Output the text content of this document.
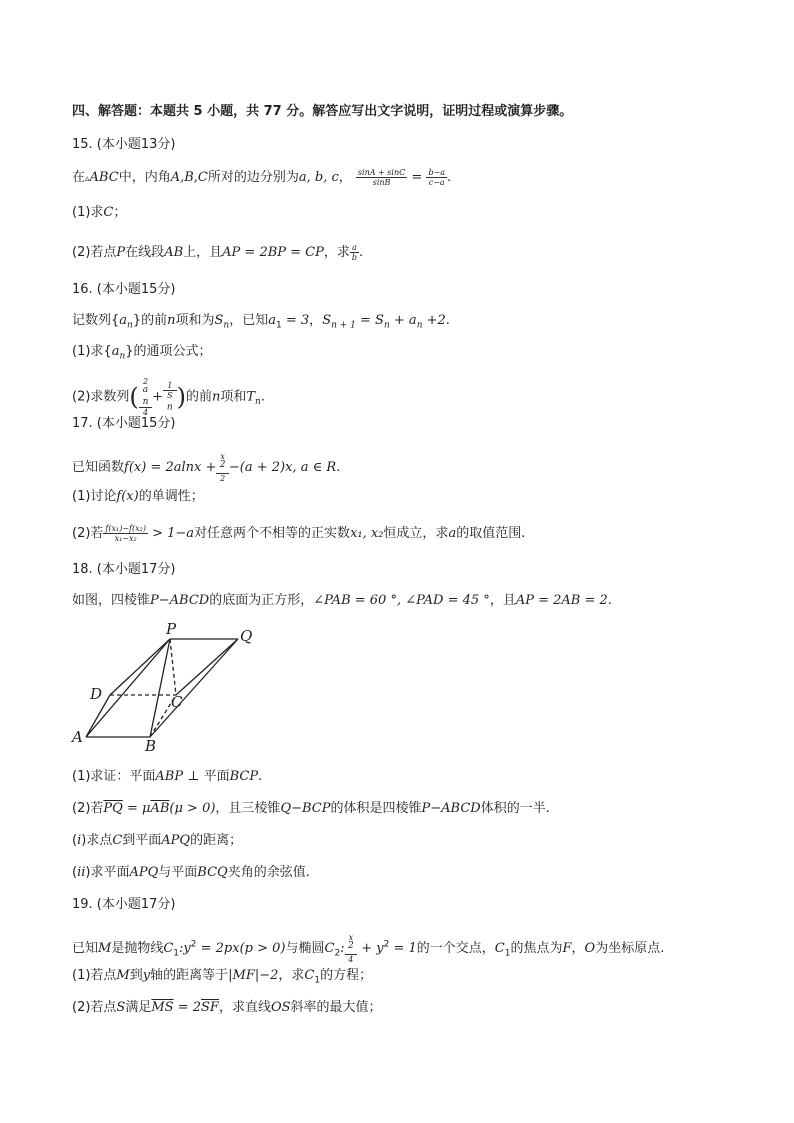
四、解答题：本题共 5 小题，共 77 分。解答应写出文字说明，证明过程或演算步骤。
15. (本小题13分)
在▵ABC中，内角A,B,C所对的边分别为a, b, c， $\frac{\sin A + \sin C}{\sin B} = \frac{b-a}{c-a}$ .
(1)求C；
(2)若点P在线段AB上，且AP = 2BP = CP，求 $\frac{a}{b}$ .
16. (本小题15分)
记数列$\{a_n\}$的前n项和为$S_n$，已知$a_1 = 3$，$S_{n + 1} = S_n + a_n +2$.
(1)求$\{a_n\}$的通项公式；
(2)求数列( 2
$^{a _n}$
4 + 1
S
$_n$ )的前n项和$T_n$.
17. (本小题15分)
已知函数f(x) = 2alnx + x
$^2$
2 −(a + 2)x, a ∈ R.
(1)讨论f(x)的单调性；
(2)若 $\frac{\text{f(x₁)−f(x₂)}}{\text{x₁−x₂}} > 1-a$对任意两个不相等的正实数x₁, x₂恒成立，求a的取值范围.
18. (本小题17分)
如图，四棱锥P−ABCD的底面为正方形，∠PAB = 60 °, ∠PAD = 45 °，且AP = 2AB = 2.
P	Q
D	C
A	B
(1)求证：平面ABP ⊥ 平面BCP.
(2)若$\overline{PQ} = \mu\overline{AB}(\mu > 0)$，且三棱锥Q−BCP的体积是四棱锥P−ABCD体积的一半.
(i)求点C到平面APQ的距离；
(ii)求平面APQ与平面BCQ夹角的余弦值.
19. (本小题17分)
已知M是抛物线$C_1:y^2 = 2px(p > 0)$与椭圆$C_2$: x
$^2$
$4 + y^2 = 1$的一个交点，$C_1$的焦点为F，O为坐标原点.
(1)若点M到y轴的距离等于|MF|−2，求$C_1$的方程；
(2)若点S满足$\overline{MS} = 2\overline{SF}$，求直线OS斜率的最大值；
